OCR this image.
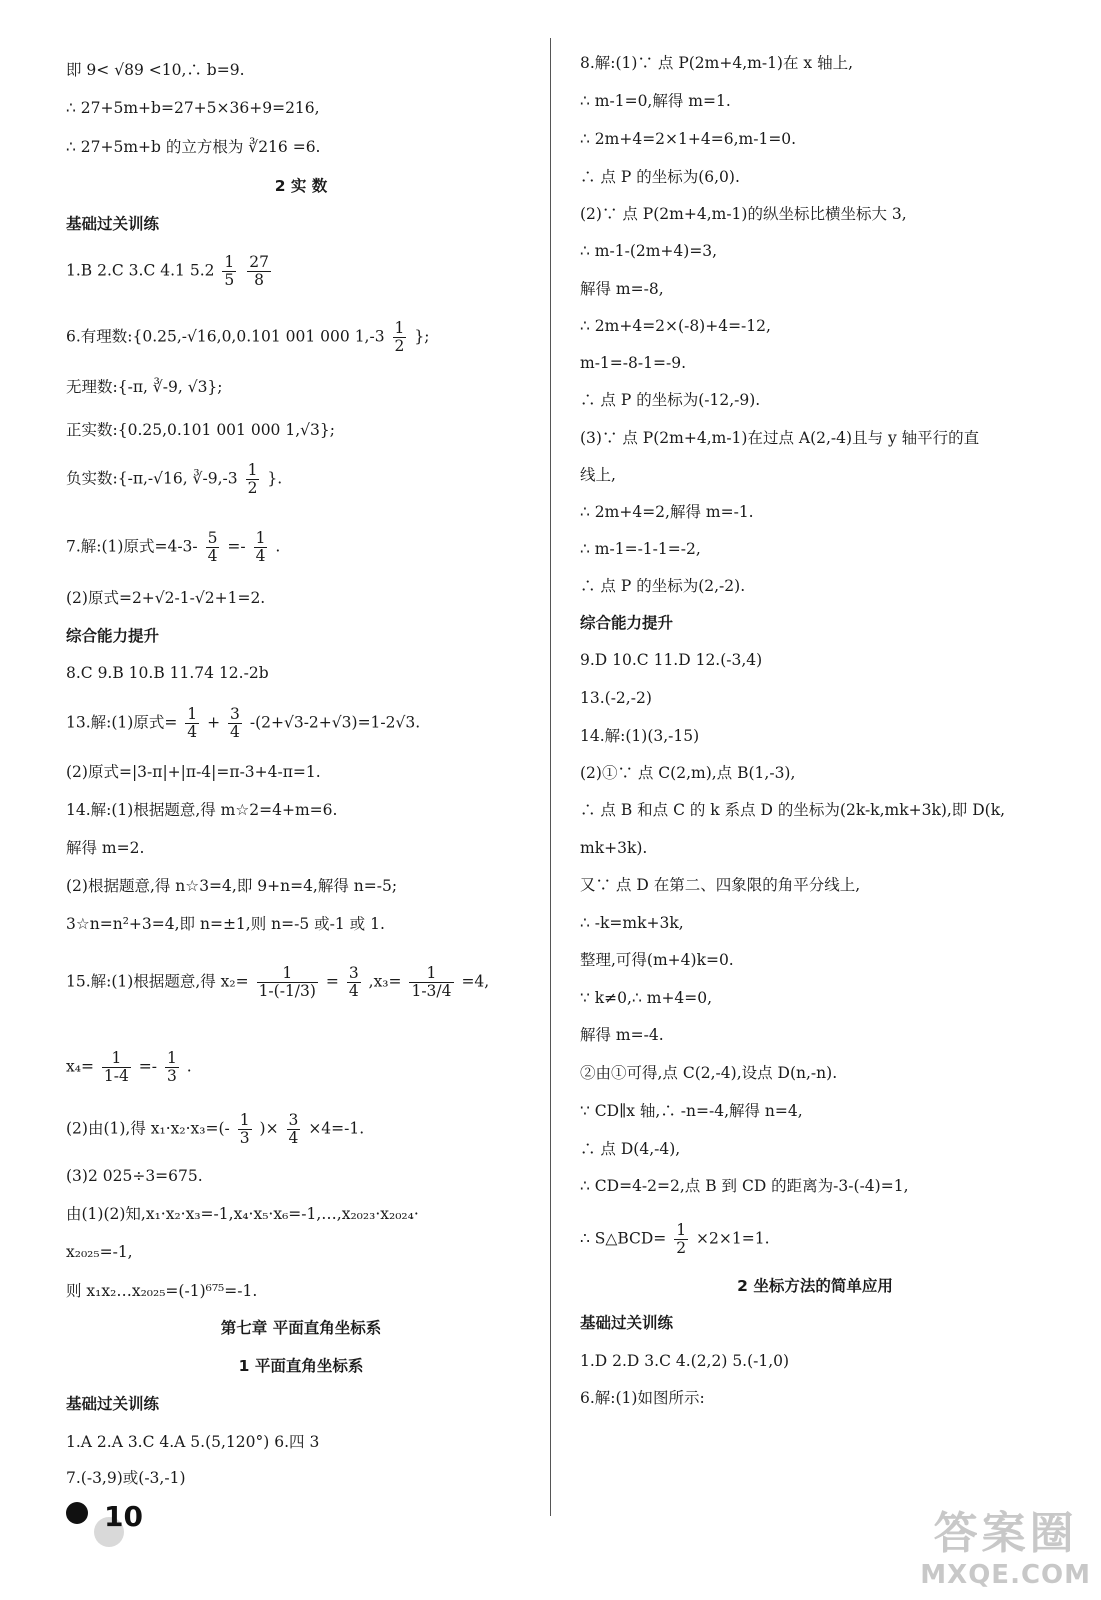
即 9< √89 <10,∴ b=9.
∴ 27+5m+b=27+5×36+9=216,
∴ 27+5m+b 的立方根为 ∛216 =6.
2 实 数
基础过关训练
1.B 2.C 3.C 4.1 $5.2 \frac{1}{5}$
$\frac{27}{8}$
6.有理数:{0.25,-√16,0,0.101 001 000 $1,-3 \frac{1}{2}$ };
无理数:{-π, ∛-9, √3};
正实数:{0.25,0.101 001 000 1,√3};
负实数:{-π,-√16, ∛-9,-3 $\frac{1}{2}$ }.
7.解:(1)原式$=4-3- \frac{5}{4} =- \frac{1}{4}$ .
(2)原式=2+√2-1-√2+1=2.
综合能力提升
8.C 9.B 10.B 11.74 12.-2b
13.解:(1)原式= $\frac{1}{4} + \frac{3}{4} -(2+√3-2+√3)=1-2√3$.
(2)原式=|3-π|+|π-4|=π-3+4-π=1.
14.解:(1)根据题意,得 m☆2=4+m=6.
解得 m=2.
(2)根据题意,得 n☆3=4,即 9+n=4,解得 n=-5;
3☆n=n²+3=4,即 n=±1,则 n=-5 或-1 或 1.
15.解:(1)根据题意,得 $x_2= \frac{1}{1-(-1/3)} = \frac{3}{4} ,x_3= \frac{1}{1-3/4} =4$,
$x_4= \frac{1}{1-4} =- \frac{1}{3}$ .
(2)由(1),得 $x_1\cdot x_2\cdot x_3=(- \frac{1}{3}$ )× $\frac{3}{4} \times 4=-1$.
(3)2 025÷3=675.
由(1)(2)知,x₁·x₂·x₃=-1,x₄·x₅·x₆=-1,…,x₂₀₂₃·x₂₀₂₄·
x₂₀₂₅=-1,
则 x₁x₂…x₂₀₂₅=(-1)⁶⁷⁵=-1.
第七章 平面直角坐标系
1 平面直角坐标系
基础过关训练
1.A 2.A 3.C 4.A 5.(5,120°) 6.四 3
7.(-3,9)或(-3,-1)
8.解:(1)∵ 点 P(2m+4,m-1)在 x 轴上,
∴ m-1=0,解得 m=1.
∴ 2m+4=2×1+4=6,m-1=0.
∴ 点 P 的坐标为(6,0).
(2)∵ 点 P(2m+4,m-1)的纵坐标比横坐标大 3,
∴ m-1-(2m+4)=3,
解得 m=-8,
∴ 2m+4=2×(-8)+4=-12,
m-1=-8-1=-9.
∴ 点 P 的坐标为(-12,-9).
(3)∵ 点 P(2m+4,m-1)在过点 A(2,-4)且与 y 轴平行的直
线上,
∴ 2m+4=2,解得 m=-1.
∴ m-1=-1-1=-2,
∴ 点 P 的坐标为(2,-2).
综合能力提升
9.D 10.C 11.D 12.(-3,4)
13.(-2,-2)
14.解:(1)(3,-15)
(2)①∵ 点 C(2,m),点 B(1,-3),
∴ 点 B 和点 C 的 k 系点 D 的坐标为(2k-k,mk+3k),即 D(k,
mk+3k).
又∵ 点 D 在第二、四象限的角平分线上,
∴ -k=mk+3k,
整理,可得(m+4)k=0.
∵ k≠0,∴ m+4=0,
解得 m=-4.
②由①可得,点 C(2,-4),设点 D(n,-n).
∵ CD∥x 轴,∴ -n=-4,解得 n=4,
∴ 点 D(4,-4),
∴ CD=4-2=2,点 B 到 CD 的距离为-3-(-4)=1,
∴ S△BCD= $\frac{1}{2} \times 2\times 1=1$.
2 坐标方法的简单应用
基础过关训练
1.D 2.D 3.C 4.(2,2) 5.(-1,0)
6.解:(1)如图所示:
10	答案圈
MXQE.COM
